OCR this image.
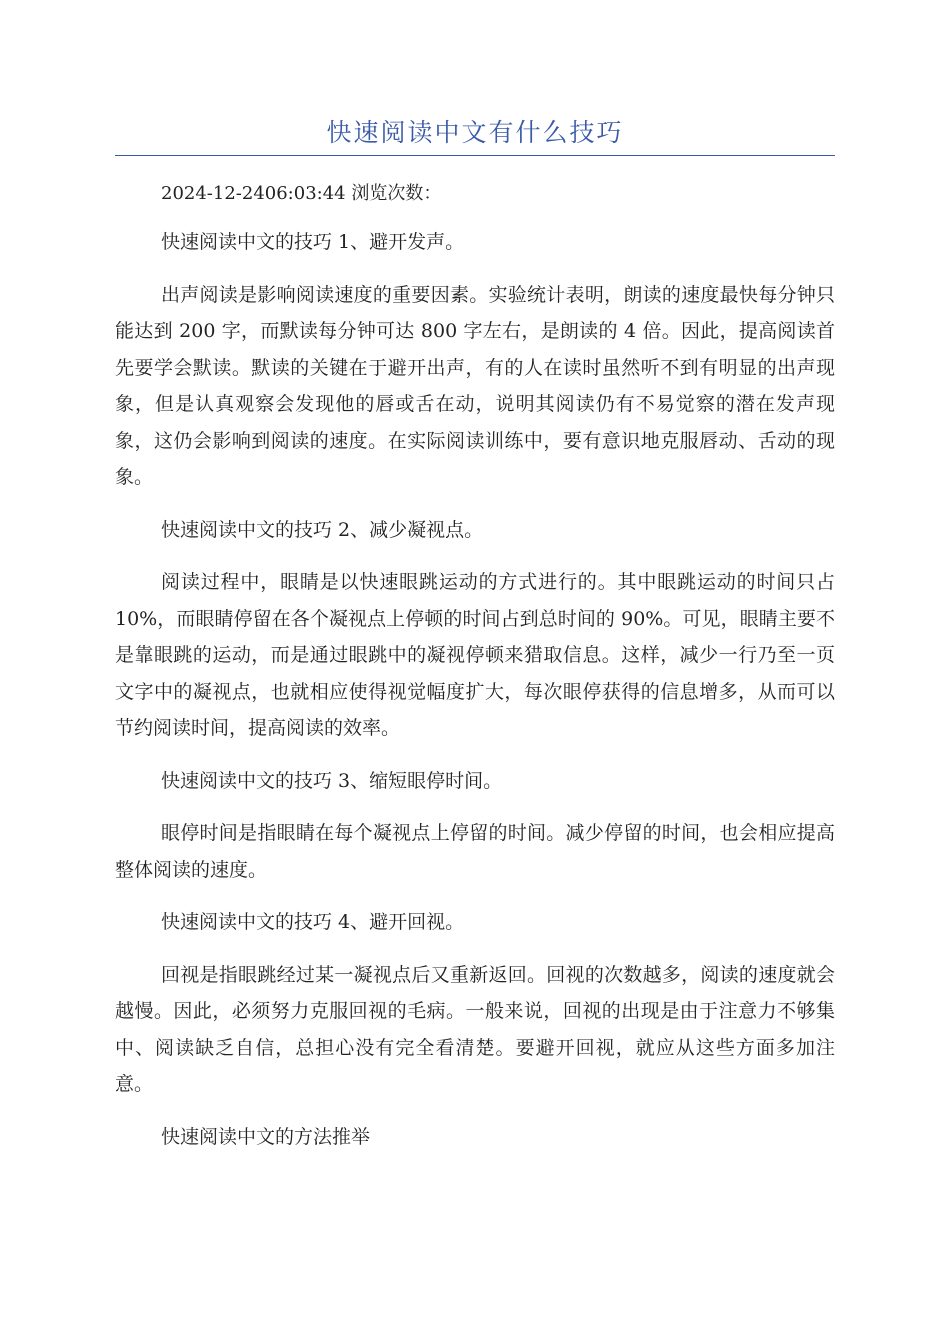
快速阅读中文有什么技巧
2024-12-2406:03:44 浏览次数：

快速阅读中文的技巧 1、避开发声。

出声阅读是影响阅读速度的重要因素。实验统计表明，朗读的速度最快每分钟只能达到 200 字，而默读每分钟可达 800 字左右，是朗读的 4 倍。因此，提高阅读首先要学会默读。默读的关键在于避开出声，有的人在读时虽然听不到有明显的出声现象，但是认真观察会发现他的唇或舌在动，说明其阅读仍有不易觉察的潜在发声现象，这仍会影响到阅读的速度。在实际阅读训练中，要有意识地克服唇动、舌动的现象。

快速阅读中文的技巧 2、减少凝视点。

阅读过程中，眼睛是以快速眼跳运动的方式进行的。其中眼跳运动的时间只占 10%，而眼睛停留在各个凝视点上停顿的时间占到总时间的 90%。可见，眼睛主要不是靠眼跳的运动，而是通过眼跳中的凝视停顿来猎取信息。这样，减少一行乃至一页文字中的凝视点，也就相应使得视觉幅度扩大，每次眼停获得的信息增多，从而可以节约阅读时间，提高阅读的效率。

快速阅读中文的技巧 3、缩短眼停时间。

眼停时间是指眼睛在每个凝视点上停留的时间。减少停留的时间，也会相应提高整体阅读的速度。

快速阅读中文的技巧 4、避开回视。

回视是指眼跳经过某一凝视点后又重新返回。回视的次数越多，阅读的速度就会越慢。因此，必须努力克服回视的毛病。一般来说，回视的出现是由于注意力不够集中、阅读缺乏自信，总担心没有完全看清楚。要避开回视，就应从这些方面多加注意。

快速阅读中文的方法推举
